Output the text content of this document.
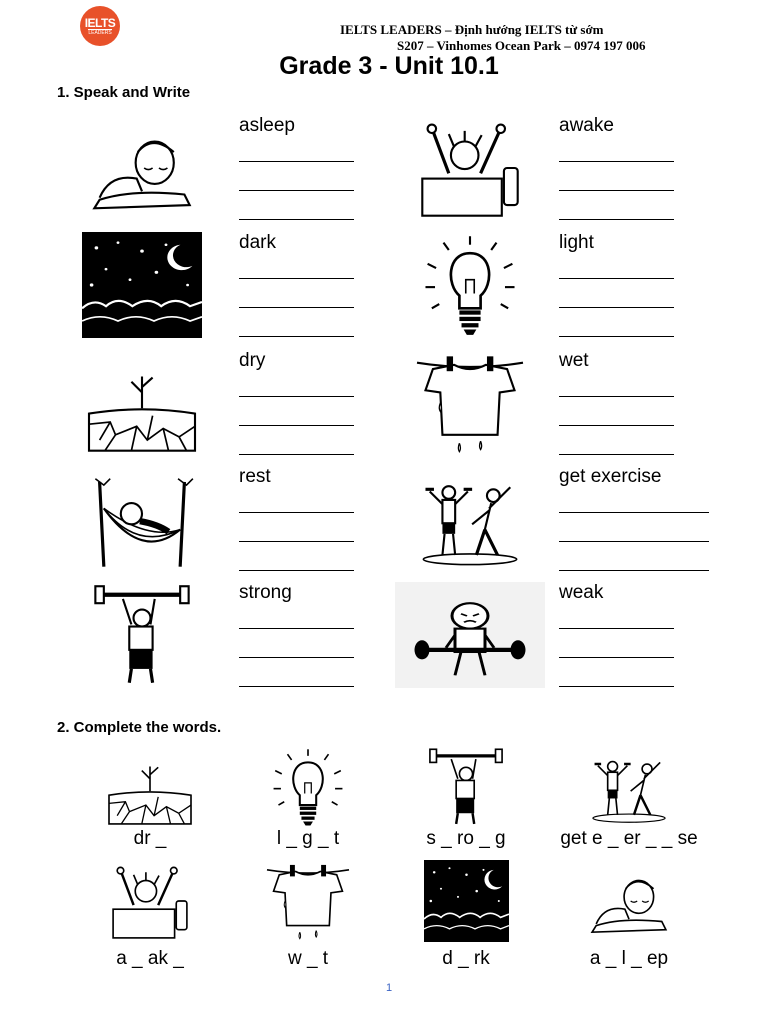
IELTS
LEADERS	IELTS LEADERS – Định hướng IELTS từ sớm
S207 – Vinhomes Ocean Park – 0974 197 006
Grade 3 - Unit 10.1
1. Speak and Write
asleep	awake
dark	light
dry	wet
rest	get exercise
strong	weak
2. Complete the words.
dr _	l _ g _ t	s _ ro _ g	get e _ er _ _ se
a _ ak _	w _ t	d _ rk	a _ l _ ep
1
